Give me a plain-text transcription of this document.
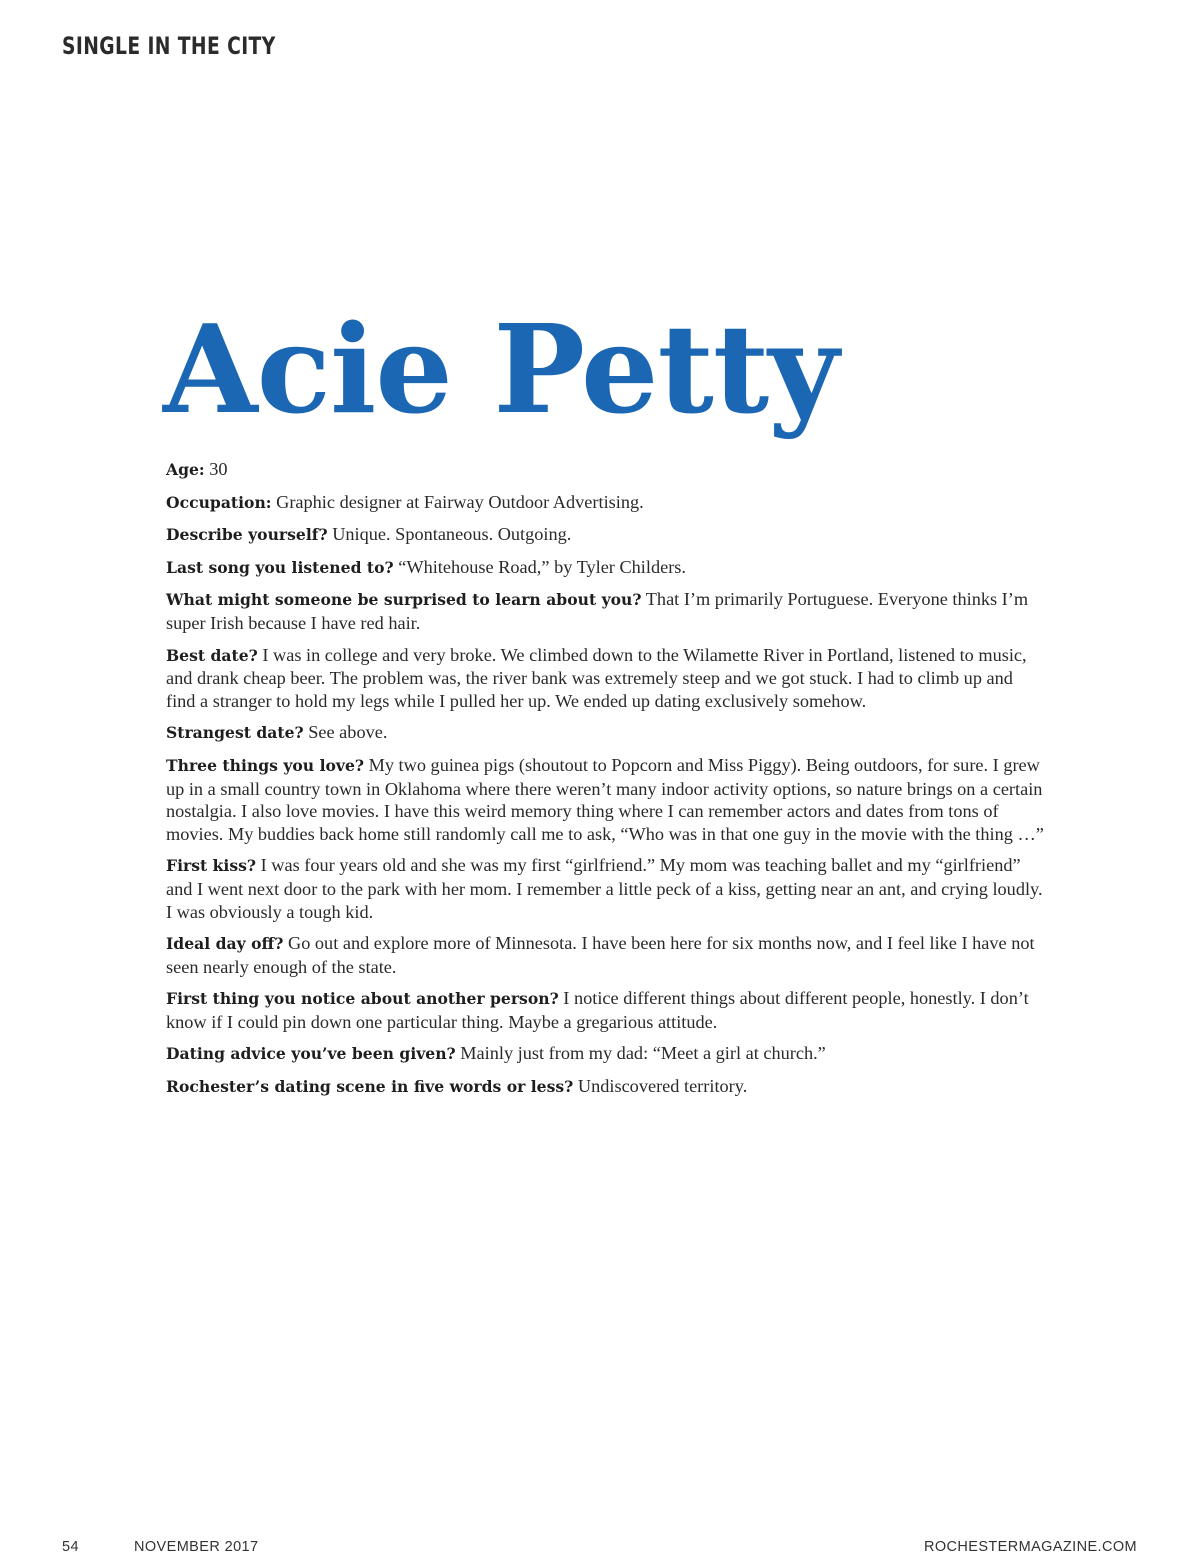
SINGLE IN THE CITY
Acie Petty

Age: 30

Occupation: Graphic designer at Fairway Outdoor Advertising.

Describe yourself? Unique. Spontaneous. Outgoing.

Last song you listened to? “Whitehouse Road,” by Tyler Childers.

What might someone be surprised to learn about you? That I’m primarily Portuguese. Everyone thinks I’m super Irish because I have red hair.

Best date? I was in college and very broke. We climbed down to the Wilamette River in Portland, listened to music, and drank cheap beer. The problem was, the river bank was extremely steep and we got stuck. I had to climb up and find a stranger to hold my legs while I pulled her up. We ended up dating exclusively somehow.

Strangest date? See above.

Three things you love? My two guinea pigs (shoutout to Popcorn and Miss Piggy). Being outdoors, for sure. I grew up in a small country town in Oklahoma where there weren’t many indoor activity options, so nature brings on a certain nostalgia. I also love movies. I have this weird memory thing where I can remember actors and dates from tons of movies. My buddies back home still randomly call me to ask, “Who was in that one guy in the movie with the thing …”

First kiss? I was four years old and she was my first “girlfriend.” My mom was teaching ballet and my “girlfriend” and I went next door to the park with her mom. I remember a little peck of a kiss, getting near an ant, and crying loudly. I was obviously a tough kid.

Ideal day off? Go out and explore more of Minnesota. I have been here for six months now, and I feel like I have not seen nearly enough of the state.

First thing you notice about another person? I notice different things about different people, honestly. I don’t know if I could pin down one particular thing. Maybe a gregarious attitude.

Dating advice you’ve been given? Mainly just from my dad: “Meet a girl at church.”

Rochester’s dating scene in five words or less? Undiscovered territory.

54	NOVEMBER 2017	ROCHESTERMAGAZINE.COM
